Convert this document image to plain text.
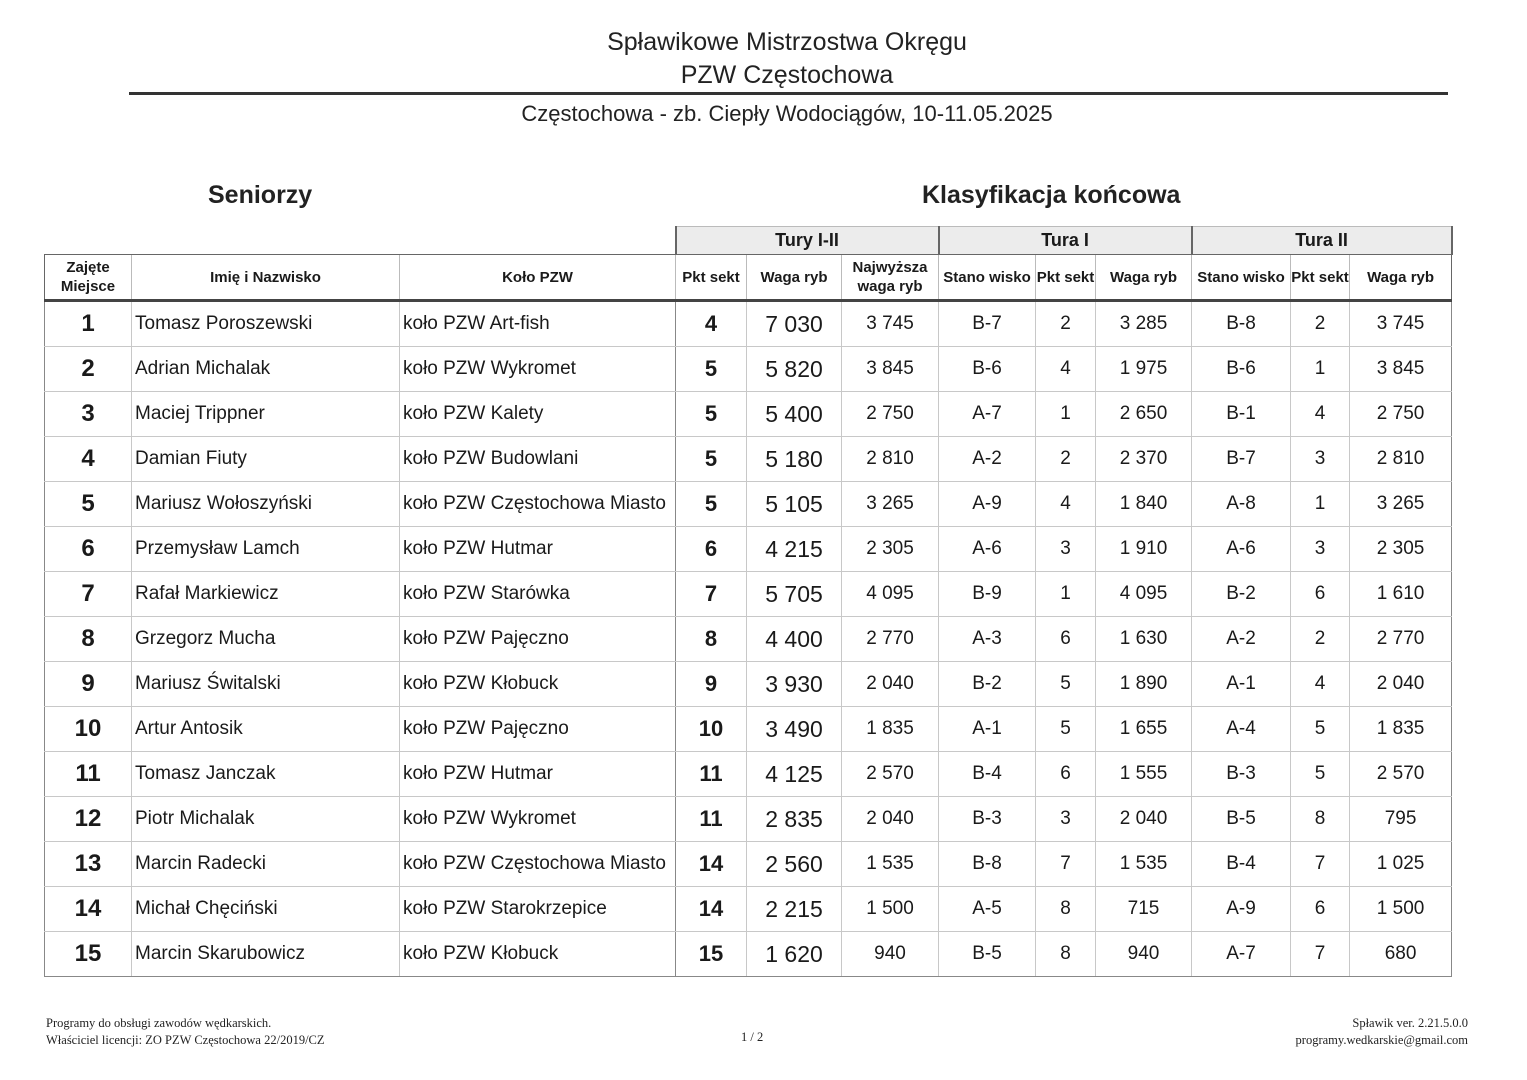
Spławikowe Mistrzostwa Okręgu
PZW Częstochowa
Częstochowa - zb. Ciepły Wodociągów, 10-11.05.2025
Seniorzy	Klasyfikacja końcowa
			Tury I-II			Tura I			Tura II		
Zajęte Miejsce	Imię i Nazwisko	Koło PZW	Pkt sekt	Waga ryb	Najwyższa waga ryb	Stano wisko	Pkt sekt	Waga ryb	Stano wisko	Pkt sekt	Waga ryb
1	Tomasz Poroszewski	koło PZW Art-fish	4	7 030	3 745	B-7	2	3 285	B-8	2	3 745
2	Adrian Michalak	koło PZW Wykromet	5	5 820	3 845	B-6	4	1 975	B-6	1	3 845
3	Maciej Trippner	koło PZW Kalety	5	5 400	2 750	A-7	1	2 650	B-1	4	2 750
4	Damian Fiuty	koło PZW Budowlani	5	5 180	2 810	A-2	2	2 370	B-7	3	2 810
5	Mariusz Wołoszyński	koło PZW Częstochowa Miasto	5	5 105	3 265	A-9	4	1 840	A-8	1	3 265
6	Przemysław Lamch	koło PZW Hutmar	6	4 215	2 305	A-6	3	1 910	A-6	3	2 305
7	Rafał Markiewicz	koło PZW Starówka	7	5 705	4 095	B-9	1	4 095	B-2	6	1 610
8	Grzegorz Mucha	koło PZW Pajęczno	8	4 400	2 770	A-3	6	1 630	A-2	2	2 770
9	Mariusz Świtalski	koło PZW Kłobuck	9	3 930	2 040	B-2	5	1 890	A-1	4	2 040
10	Artur Antosik	koło PZW Pajęczno	10	3 490	1 835	A-1	5	1 655	A-4	5	1 835
11	Tomasz Janczak	koło PZW Hutmar	11	4 125	2 570	B-4	6	1 555	B-3	5	2 570
12	Piotr Michalak	koło PZW Wykromet	11	2 835	2 040	B-3	3	2 040	B-5	8	795
13	Marcin Radecki	koło PZW Częstochowa Miasto	14	2 560	1 535	B-8	7	1 535	B-4	7	1 025
14	Michał Chęciński	koło PZW Starokrzepice	14	2 215	1 500	A-5	8	715	A-9	6	1 500
15	Marcin Skarubowicz	koło PZW Kłobuck	15	1 620	940	B-5	8	940	A-7	7	680
Programy do obsługi zawodów wędkarskich.
Właściciel licencji: ZO PZW Częstochowa 22/2019/CZ	1 / 2
Spławik ver. 2.21.5.0.0
programy.wedkarskie@gmail.com
